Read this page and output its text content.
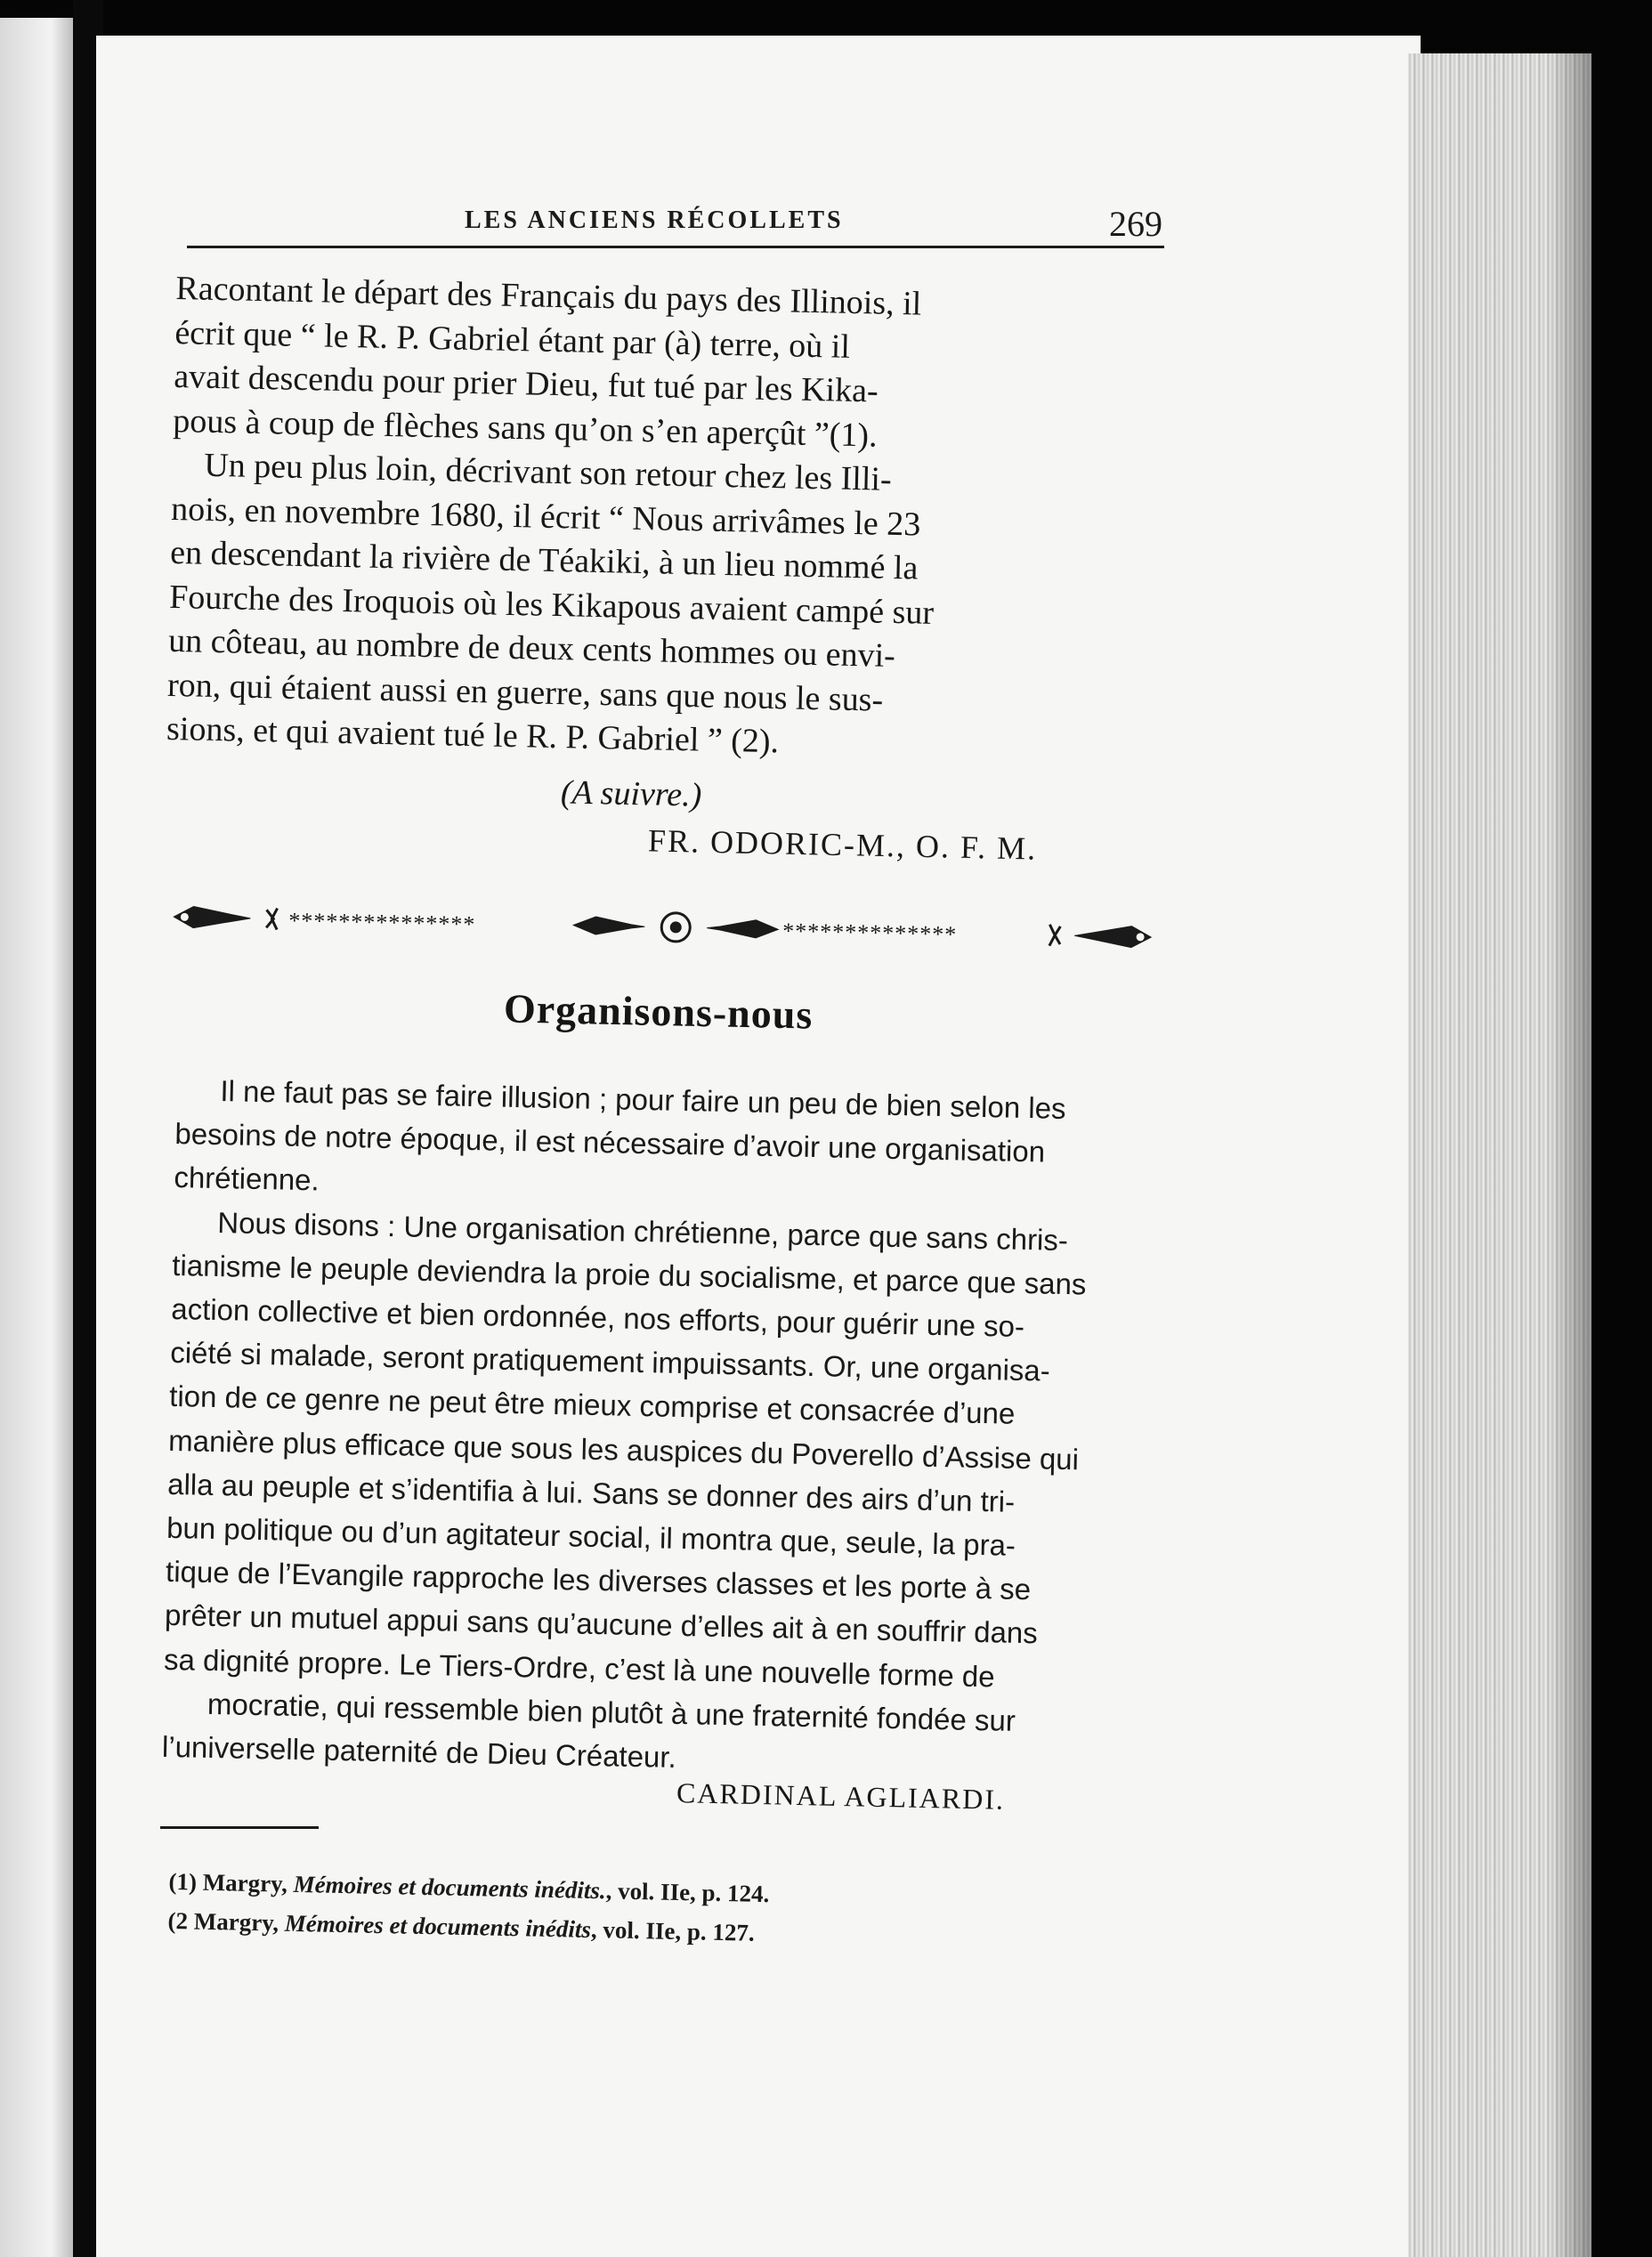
LES ANCIENS RÉCOLLETS	269
Racontant le départ des Français du pays des Illinois, il
écrit que “ le R. P. Gabriel étant par (à) terre, où il
avait descendu pour prier Dieu, fut tué par les Kika-
pous à coup de flèches sans qu’on s’en aperçût ”(1).
Un peu plus loin, décrivant son retour chez les Illi-
nois, en novembre 1680, il écrit “ Nous arrivâmes le 23
en descendant la rivière de Téakiki, à un lieu nommé la
Fourche des Iroquois où les Kikapous avaient campé sur
un côteau, au nombre de deux cents hommes ou envi-
ron, qui étaient aussi en guerre, sans que nous le sus-
sions, et qui avaient tué le R. P. Gabriel ” (2).
(A suivre.)
FR. ODORIC-M., O. F. M.
***************	**************
Organisons-nous
Il ne faut pas se faire illusion ; pour faire un peu de bien selon les
besoins de notre époque, il est nécessaire d’avoir une organisation
chrétienne.
Nous disons : Une organisation chrétienne, parce que sans chris-
tianisme le peuple deviendra la proie du socialisme, et parce que sans
action collective et bien ordonnée, nos efforts, pour guérir une so-
ciété si malade, seront pratiquement impuissants. Or, une organisa-
tion de ce genre ne peut être mieux comprise et consacrée d’une
manière plus efficace que sous les auspices du Poverello d’Assise qui
alla au peuple et s’identifia à lui. Sans se donner des airs d’un tri-
bun politique ou d’un agitateur social, il montra que, seule, la pra-
tique de l’Evangile rapproche les diverses classes et les porte à se
prêter un mutuel appui sans qu’aucune d’elles ait à en souffrir dans
sa dignité propre. Le Tiers-Ordre, c’est là une nouvelle forme de
mocratie, qui ressemble bien plutôt à une fraternité fondée sur
l’universelle paternité de Dieu Créateur.
CARDINAL AGLIARDI.
(1) Margry, Mémoires et documents inédits., vol. IIe, p. 124.
(2 Margry, Mémoires et documents inédits, vol. IIe, p. 127.
